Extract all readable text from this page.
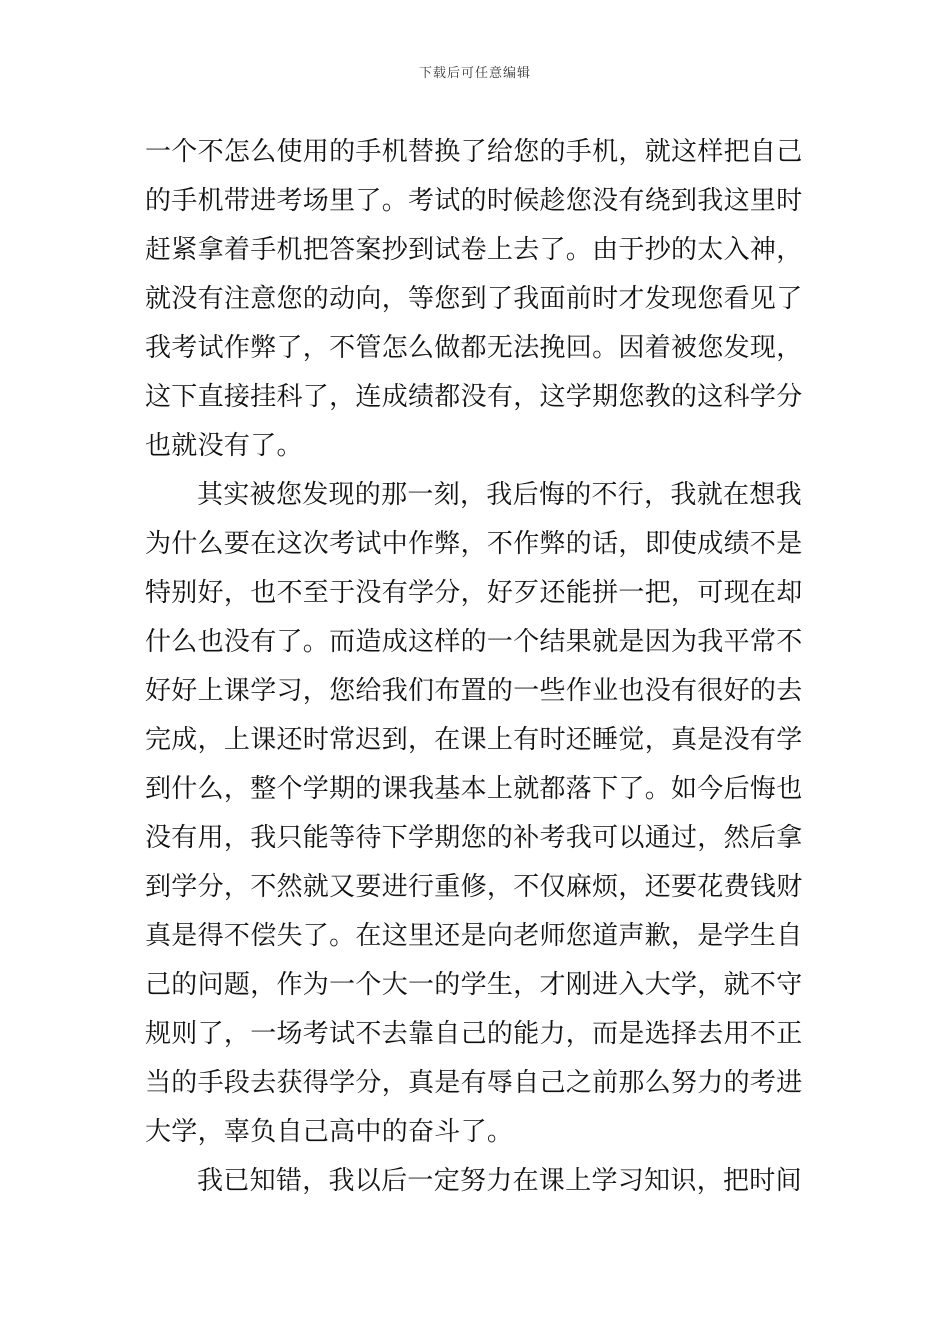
下载后可任意编辑
一个不怎么使用的手机替换了给您的手机，就这样把自己
的手机带进考场里了。考试的时候趁您没有绕到我这里时
赶紧拿着手机把答案抄到试卷上去了。由于抄的太入神，
就没有注意您的动向，等您到了我面前时才发现您看见了
我考试作弊了，不管怎么做都无法挽回。因着被您发现，
这下直接挂科了，连成绩都没有，这学期您教的这科学分
也就没有了。
其实被您发现的那一刻，我后悔的不行，我就在想我
为什么要在这次考试中作弊，不作弊的话，即使成绩不是
特别好，也不至于没有学分，好歹还能拼一把，可现在却
什么也没有了。而造成这样的一个结果就是因为我平常不
好好上课学习，您给我们布置的一些作业也没有很好的去
完成，上课还时常迟到，在课上有时还睡觉，真是没有学
到什么，整个学期的课我基本上就都落下了。如今后悔也
没有用，我只能等待下学期您的补考我可以通过，然后拿
到学分，不然就又要进行重修，不仅麻烦，还要花费钱财
真是得不偿失了。在这里还是向老师您道声歉，是学生自
己的问题，作为一个大一的学生，才刚进入大学，就不守
规则了，一场考试不去靠自己的能力，而是选择去用不正
当的手段去获得学分，真是有辱自己之前那么努力的考进
大学，辜负自己高中的奋斗了。
我已知错，我以后一定努力在课上学习知识，把时间
